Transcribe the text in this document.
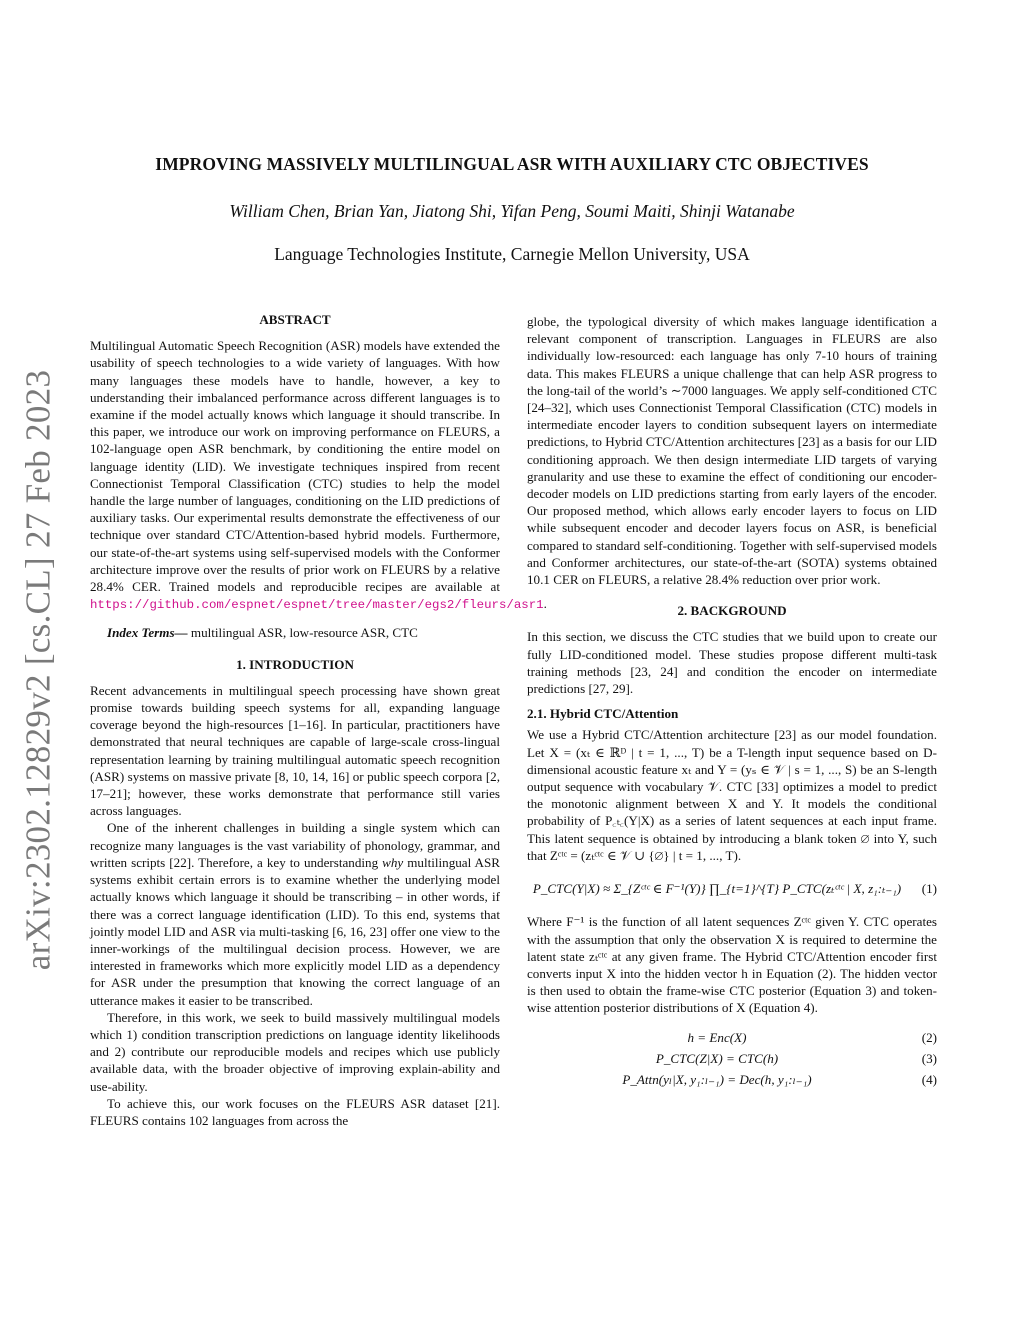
arXiv:2302.12829v2 [cs.CL] 27 Feb 2023
IMPROVING MASSIVELY MULTILINGUAL ASR WITH AUXILIARY CTC OBJECTIVES
William Chen, Brian Yan, Jiatong Shi, Yifan Peng, Soumi Maiti, Shinji Watanabe
Language Technologies Institute, Carnegie Mellon University, USA
ABSTRACT

Multilingual Automatic Speech Recognition (ASR) models have extended the usability of speech technologies to a wide variety of languages. With how many languages these models have to handle, however, a key to understanding their imbalanced performance across different languages is to examine if the model actually knows which language it should transcribe. In this paper, we introduce our work on improving performance on FLEURS, a 102-language open ASR benchmark, by conditioning the entire model on language identity (LID). We investigate techniques inspired from recent Connectionist Temporal Classification (CTC) studies to help the model handle the large number of languages, conditioning on the LID predictions of auxiliary tasks. Our experimental results demonstrate the effectiveness of our technique over standard CTC/Attention-based hybrid models. Furthermore, our state-of-the-art systems using self-supervised models with the Conformer architecture improve over the results of prior work on FLEURS by a relative 28.4% CER. Trained models and reproducible recipes are available at https://github.com/espnet/espnet/tree/master/egs2/fleurs/asr1.

Index Terms— multilingual ASR, low-resource ASR, CTC

1. INTRODUCTION

Recent advancements in multilingual speech processing have shown great promise towards building speech systems for all, expanding language coverage beyond the high-resources [1–16]. In particular, practitioners have demonstrated that neural techniques are capable of large-scale cross-lingual representation learning by training multilingual automatic speech recognition (ASR) systems on massive private [8, 10, 14, 16] or public speech corpora [2, 17–21]; however, these works demonstrate that performance still varies across languages.

One of the inherent challenges in building a single system which can recognize many languages is the vast variability of phonology, grammar, and written scripts [22]. Therefore, a key to understanding why multilingual ASR systems exhibit certain errors is to examine whether the underlying model actually knows which language it should be transcribing – in other words, if there was a correct language identification (LID). To this end, systems that jointly model LID and ASR via multi-tasking [6, 16, 23] offer one view to the inner-workings of the multilingual decision process. However, we are interested in frameworks which more explicitly model LID as a dependency for ASR under the presumption that knowing the correct language of an utterance makes it easier to be transcribed.

Therefore, in this work, we seek to build massively multilingual models which 1) condition transcription predictions on language identity likelihoods and 2) contribute our reproducible models and recipes which use publicly available data, with the broader objective of improving explain-ability and use-ability.

To achieve this, our work focuses on the FLEURS ASR dataset [21]. FLEURS contains 102 languages from across the

globe, the typological diversity of which makes language identification a relevant component of transcription. Languages in FLEURS are also individually low-resourced: each language has only 7-10 hours of training data. This makes FLEURS a unique challenge that can help ASR progress to the long-tail of the world’s ∼7000 languages. We apply self-conditioned CTC [24–32], which uses Connectionist Temporal Classification (CTC) models in intermediate encoder layers to condition subsequent layers on intermediate predictions, to Hybrid CTC/Attention architectures [23] as a basis for our LID conditioning approach. We then design intermediate LID targets of varying granularity and use these to examine the effect of conditioning our encoder-decoder models on LID predictions starting from early layers of the encoder. Our proposed method, which allows early encoder layers to focus on LID while subsequent encoder and decoder layers focus on ASR, is beneficial compared to standard self-conditioning. Together with self-supervised models and Conformer architectures, our state-of-the-art (SOTA) systems obtained 10.1 CER on FLEURS, a relative 28.4% reduction over prior work.

2. BACKGROUND

In this section, we discuss the CTC studies that we build upon to create our fully LID-conditioned model. These studies propose different multi-task training methods [23, 24] and condition the encoder on intermediate predictions [27, 29].

2.1. Hybrid CTC/Attention

We use a Hybrid CTC/Attention architecture [23] as our model foundation. Let X = (xₜ ∈ ℝᴰ | t = 1, ..., T) be a T-length input sequence based on D-dimensional acoustic feature xₜ and Y = (yₛ ∈ 𝒱 | s = 1, ..., S) be an S-length output sequence with vocabulary 𝒱. CTC [33] optimizes a model to predict the monotonic alignment between X and Y. It models the conditional probability of P꜀ₜ꜀(Y|X) as a series of latent sequences at each input frame. This latent sequence is obtained by introducing a blank token ∅ into Y, such that Zᶜᵗᶜ = (zₜᶜᵗᶜ ∈ 𝒱 ∪ {∅} | t = 1, ..., T).

P_CTC(Y|X) ≈ Σ_{Zᶜᵗᶜ ∈ F⁻¹(Y)} ∏_{t=1}^{T} P_CTC(zₜᶜᵗᶜ | X, z₁:ₜ₋₁)	(1)

Where F⁻¹ is the function of all latent sequences Zᶜᵗᶜ given Y. CTC operates with the assumption that only the observation X is required to determine the latent state zₜᶜᵗᶜ at any given frame. The Hybrid CTC/Attention encoder first converts input X into the hidden vector h in Equation (2). The hidden vector is then used to obtain the frame-wise CTC posterior (Equation 3) and token-wise attention posterior distributions of X (Equation 4).

h = Enc(X)	(2)
P_CTC(Z|X) = CTC(h)	(3)
P_Attn(yₗ|X, y₁:ₗ₋₁) = Dec(h, y₁:ₗ₋₁)	(4)
